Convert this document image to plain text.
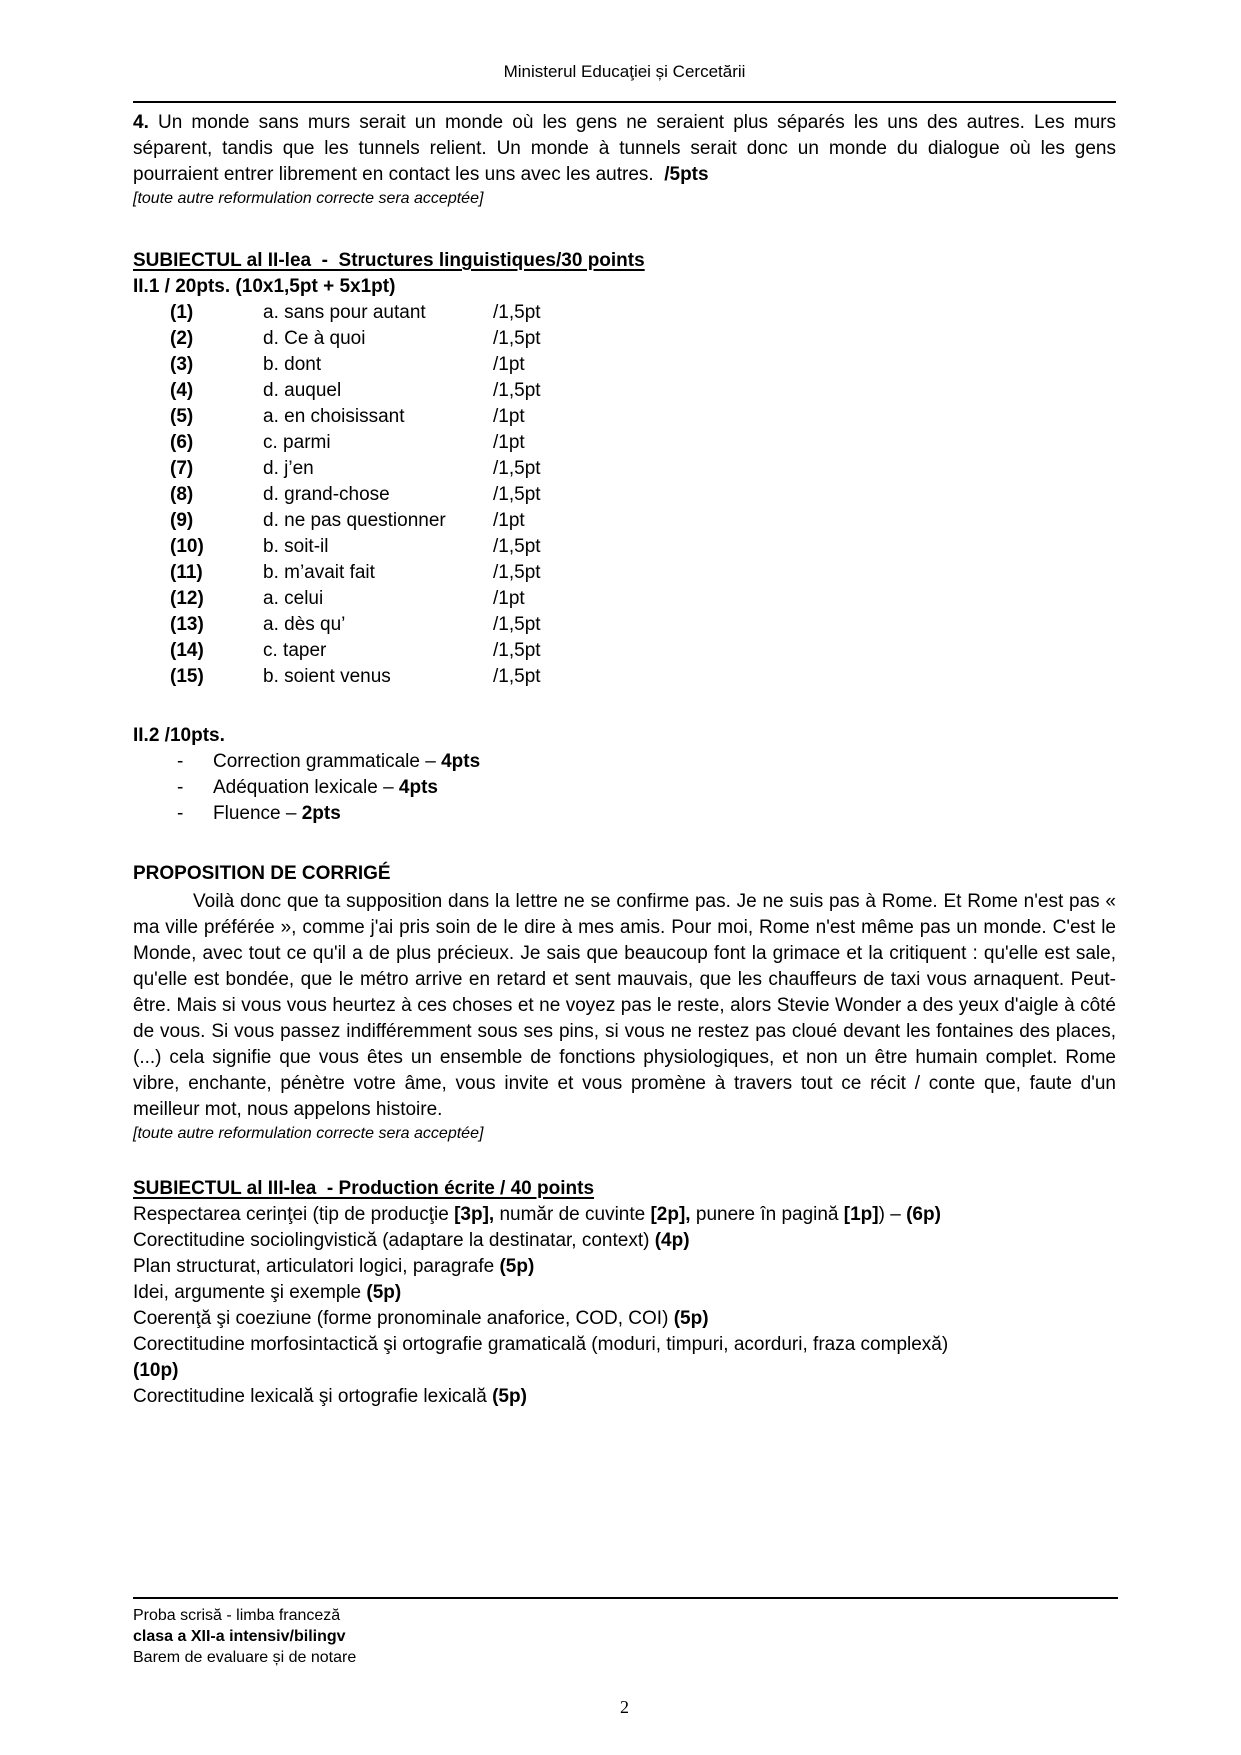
Ministerul Educaţiei și Cercetării

4. Un monde sans murs serait un monde où les gens ne seraient plus séparés les uns des autres. Les murs séparent, tandis que les tunnels relient. Un monde à tunnels serait donc un monde du dialogue où les gens pourraient entrer librement en contact les uns avec les autres.  /5pts

[toute autre reformulation correcte sera acceptée]

SUBIECTUL al II-lea  -  Structures linguistiques/30 points
II.1 / 20pts. (10x1,5pt + 5x1pt)
(1)	a. sans pour autant	/1,5pt
(2)	d. Ce à quoi	/1,5pt
(3)	b. dont	/1pt
(4)	d. auquel	/1,5pt
(5)	a. en choisissant	/1pt
(6)	c. parmi	/1pt
(7)	d. j’en	/1,5pt
(8)	d. grand-chose	/1,5pt
(9)	d. ne pas questionner	/1pt
(10)	b. soit-il	/1,5pt
(11)	b. m’avait fait	/1,5pt
(12)	a. celui	/1pt
(13)	a. dès qu’	/1,5pt
(14)	c. taper	/1,5pt
(15)	b. soient venus	/1,5pt
II.2 /10pts.
- Correction grammaticale – 4pts
- Adéquation lexicale – 4pts
- Fluence – 2pts
PROPOSITION DE CORRIGÉ

Voilà donc que ta supposition dans la lettre ne se confirme pas. Je ne suis pas à Rome. Et Rome n'est pas « ma ville préférée », comme j'ai pris soin de le dire à mes amis. Pour moi, Rome n'est même pas un monde. C'est le Monde, avec tout ce qu'il a de plus précieux. Je sais que beaucoup font la grimace et la critiquent : qu'elle est sale, qu'elle est bondée, que le métro arrive en retard et sent mauvais, que les chauffeurs de taxi vous arnaquent. Peut-être. Mais si vous vous heurtez à ces choses et ne voyez pas le reste, alors Stevie Wonder a des yeux d'aigle à côté de vous. Si vous passez indifféremment sous ses pins, si vous ne restez pas cloué devant les fontaines des places, (...) cela signifie que vous êtes un ensemble de fonctions physiologiques, et non un être humain complet. Rome vibre, enchante, pénètre votre âme, vous invite et vous promène à travers tout ce récit / conte que, faute d'un meilleur mot, nous appelons histoire.

[toute autre reformulation correcte sera acceptée]

SUBIECTUL al III-lea  - Production écrite / 40 points
Respectarea cerinţei (tip de producţie [3p], număr de cuvinte [2p], punere în pagină [1p]) – (6p)
Corectitudine sociolingvistică (adaptare la destinatar, context) (4p)
Plan structurat, articulatori logici, paragrafe (5p)
Idei, argumente şi exemple (5p)
Coerenţă şi coeziune (forme pronominale anaforice, COD, COI) (5p)
Corectitudine morfosintactică şi ortografie gramaticală (moduri, timpuri, acorduri, fraza complexă)
(10p)
Corectitudine lexicală şi ortografie lexicală (5p)
Proba scrisă - limba franceză
clasa a XII-a intensiv/bilingv
Barem de evaluare și de notare
2
